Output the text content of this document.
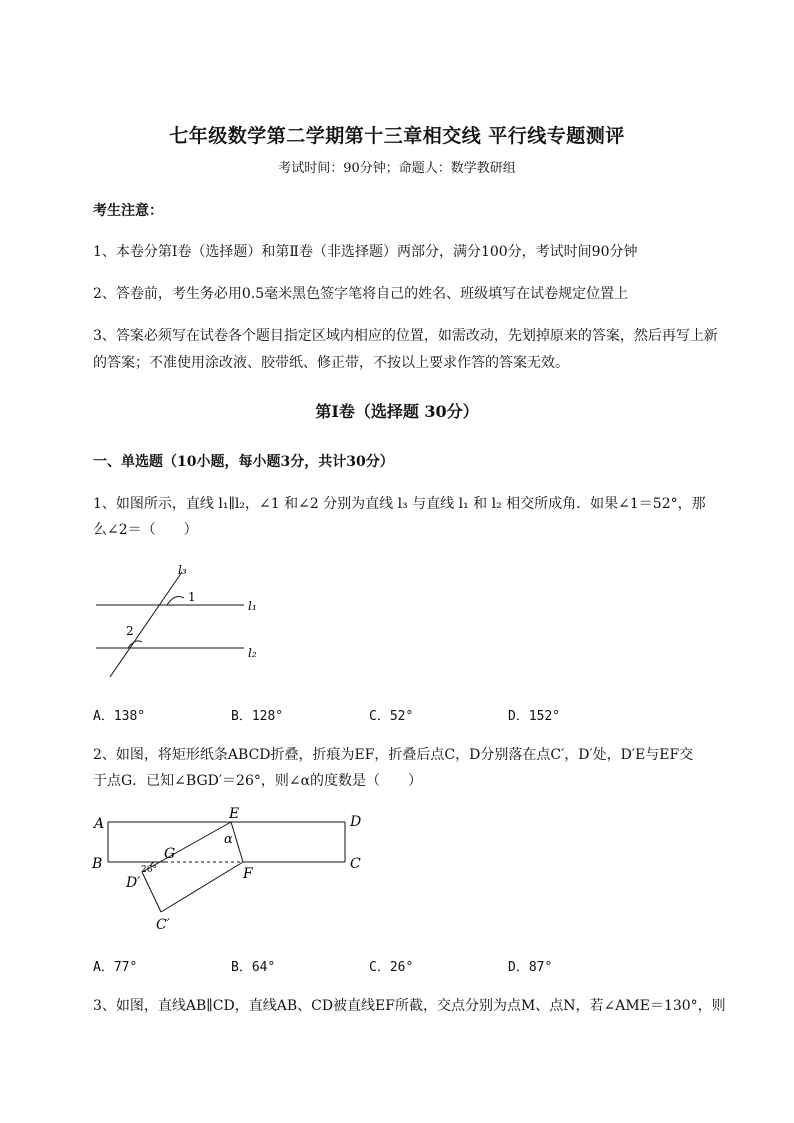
七年级数学第二学期第十三章相交线 平行线专题测评
考试时间：90分钟；命题人：数学教研组
考生注意：
1、本卷分第I卷（选择题）和第Ⅱ卷（非选择题）两部分，满分100分，考试时间90分钟
2、答卷前，考生务必用0.5毫米黑色签字笔将自己的姓名、班级填写在试卷规定位置上
3、答案必须写在试卷各个题目指定区域内相应的位置，如需改动，先划掉原来的答案，然后再写上新
的答案；不准使用涂改液、胶带纸、修正带，不按以上要求作答的答案无效。
第I卷（选择题 30分）
一、单选题（10小题，每小题3分，共计30分）
1、如图所示，直线 l₁∥l₂，∠1 和∠2 分别为直线 l₃ 与直线 l₁ 和 l₂ 相交所成角．如果∠1＝52°，那
么∠2＝（　　）
l₃
1
l₁
2
l₂
A．138°	B．128°	C．52°	D．152°
2、如图，将矩形纸条ABCD折叠，折痕为EF，折叠后点C，D分别落在点C′，D′处，D′E与EF交
于点G．已知∠BGD′＝26°，则∠α的度数是（　　）
A
B
D
C
E
α
G
F
26°
D′
C′
A．77°	B．64°	C．26°	D．87°
3、如图，直线AB∥CD，直线AB、CD被直线EF所截，交点分别为点M、点N，若∠AME＝130°，则
